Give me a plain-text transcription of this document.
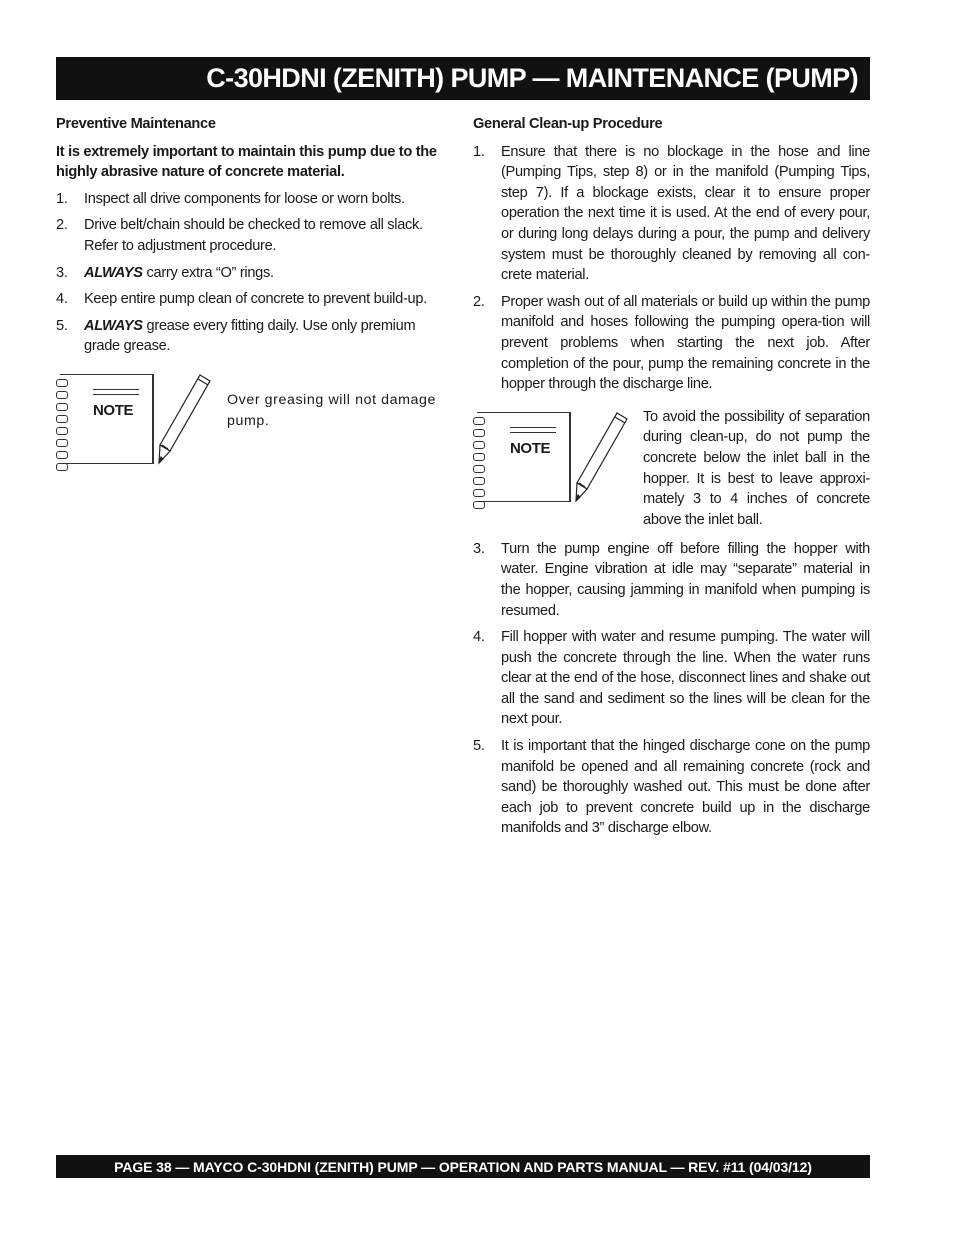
C-30HDNI (ZENITH) PUMP — MAINTENANCE (PUMP)

Preventive Maintenance

It is extremely important to maintain this pump due to the highly abrasive nature of concrete material.

1. Inspect all drive components for loose or worn bolts.
2. Drive belt/chain should be checked to remove all slack. Refer to adjustment procedure.
3. ALWAYS carry extra “O” rings.
4. Keep entire pump clean of concrete to prevent build-up.
5. ALWAYS grease every fitting daily. Use only premium grade grease.
NOTE
Over greasing will not damage pump.

General Clean-up Procedure

1. Ensure that there is no blockage in the hose and line (Pumping Tips, step 8) or in the manifold (Pumping Tips, step 7). If a blockage exists, clear it to ensure proper operation the next time it is used. At the end of every pour, or during long delays during a pour, the pump and delivery system must be thoroughly cleaned by removing all con-crete material.
2. Proper wash out of all materials or build up within the pump manifold and hoses following the pumping opera-tion will prevent problems when starting the next job. After completion of the pour, pump the remaining concrete in the hopper through the discharge line.
NOTE
To avoid the possibility of separation during clean-up, do not pump the concrete below the inlet ball in the hopper. It is best to leave approxi-mately 3 to 4 inches of concrete above the inlet ball.
3. Turn the pump engine off before filling the hopper with water. Engine vibration at idle may “separate” material in the hopper, causing jamming in manifold when pumping is resumed.
4. Fill hopper with water and resume pumping. The water will push the concrete through the line. When the water runs clear at the end of the hose, disconnect lines and shake out all the sand and sediment so the lines will be clean for the next pour.
5. It is important that the hinged discharge cone on the pump manifold be opened and all remaining concrete (rock and sand) be thoroughly washed out. This must be done after each job to prevent concrete build up in the discharge manifolds and 3” discharge elbow.
PAGE 38 — MAYCO C-30HDNI (ZENITH) PUMP — OPERATION AND PARTS MANUAL — REV. #11 (04/03/12)
